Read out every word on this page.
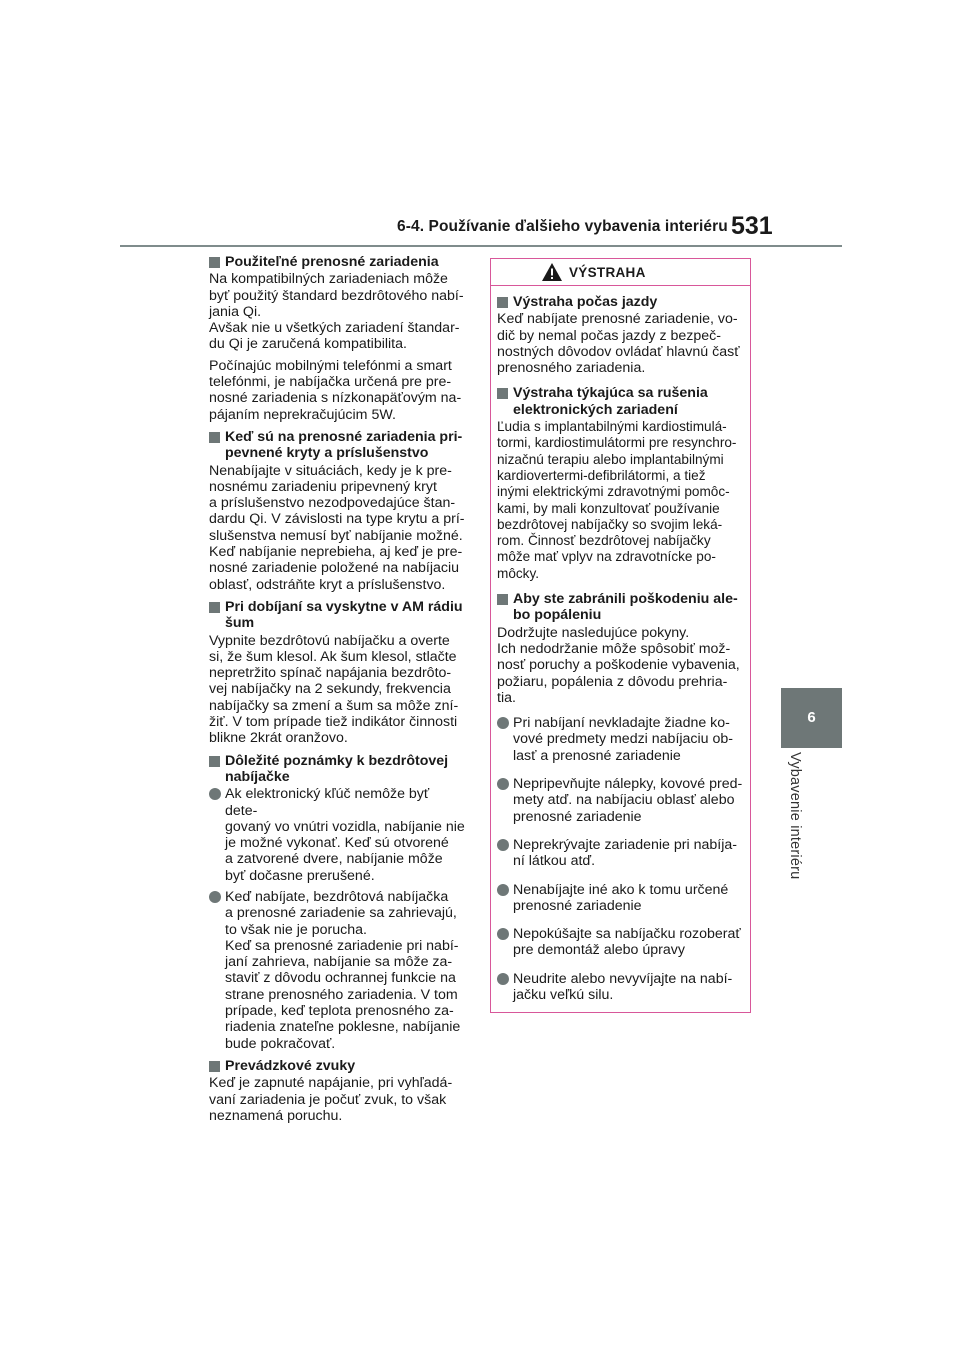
6-4. Používanie ďalšieho vybavenia interiéru 531
6
Vybavenie interiéru
Použiteľné prenosné zariadenia

Na kompatibilných zariadeniach môže
byť použitý štandard bezdrôtového nabí-
jania Qi.
Avšak nie u všetkých zariadení štandar-
du Qi je zaručená kompatibilita.

Počínajúc mobilnými telefónmi a smart
telefónmi, je nabíjačka určená pre pre-
nosné zariadenia s nízkonapäťovým na-
pájaním neprekračujúcim 5W.

Keď sú na prenosné zariadenia pri-
pevnené kryty a príslušenstvo

Nenabíjajte v situáciách, kedy je k pre-
nosnému zariadeniu pripevnený kryt
a príslušenstvo nezodpovedajúce štan-
dardu Qi. V závislosti na type krytu a prí-
slušenstva nemusí byť nabíjanie možné.
Keď nabíjanie neprebieha, aj keď je pre-
nosné zariadenie položené na nabíjaciu
oblasť, odstráňte kryt a príslušenstvo.

Pri dobíjaní sa vyskytne v AM rádiu
šum

Vypnite bezdrôtovú nabíjačku a overte
si, že šum klesol. Ak šum klesol, stlačte
nepretržito spínač napájania bezdrôto-
vej nabíjačky na 2 sekundy, frekvencia
nabíjačky sa zmení a šum sa môže zní-
žiť. V tom prípade tiež indikátor činnosti
blikne 2krát oranžovo.

Dôležité poznámky k bezdrôtovej
nabíjačke
Ak elektronický kľúč nemôže byť dete-
govaný vo vnútri vozidla, nabíjanie nie
je možné vykonať. Keď sú otvorené
a zatvorené dvere, nabíjanie môže
byť dočasne prerušené.
Keď nabíjate, bezdrôtová nabíjačka
a prenosné zariadenie sa zahrievajú,
to však nie je porucha.
Keď sa prenosné zariadenie pri nabí-
janí zahrieva, nabíjanie sa môže za-
staviť z dôvodu ochrannej funkcie na
strane prenosného zariadenia. V tom
prípade, keď teplota prenosného za-
riadenia znateľne poklesne, nabíjanie
bude pokračovať.
Prevádzkové zvuky

Keď je zapnuté napájanie, pri vyhľadá-
vaní zariadenia je počuť zvuk, to však
neznamená poruchu.

VÝSTRAHA
Výstraha počas jazdy

Keď nabíjate prenosné zariadenie, vo-
dič by nemal počas jazdy z bezpeč-
nostných dôvodov ovládať hlavnú časť
prenosného zariadenia.

Výstraha týkajúca sa rušenia
elektronických zariadení

Ľudia s implantabilnými kardiostimulá-
tormi, kardiostimulátormi pre resynchro-
nizačnú terapiu alebo implantabilnými
kardiovertermi-defibrilátormi, a tiež
inými elektrickými zdravotnými pomôc-
kami, by mali konzultovať používanie
bezdrôtovej nabíjačky so svojim leká-
rom. Činnosť bezdrôtovej nabíjačky
môže mať vplyv na zdravotnícke po-
môcky.

Aby ste zabránili poškodeniu ale-
bo popáleniu

Dodržujte nasledujúce pokyny.
Ich nedodržanie môže spôsobiť mož-
nosť poruchy a poškodenie vybavenia,
požiaru, popálenia z dôvodu prehria-
tia.

Pri nabíjaní nevkladajte žiadne ko-
vové predmety medzi nabíjaciu ob-
lasť a prenosné zariadenie
Nepripevňujte nálepky, kovové pred-
mety atď. na nabíjaciu oblasť alebo
prenosné zariadenie
Neprekrývajte zariadenie pri nabíja-
ní látkou atď.
Nenabíjajte iné ako k tomu určené
prenosné zariadenie
Nepokúšajte sa nabíjačku rozoberať
pre demontáž alebo úpravy
Neudrite alebo nevyvíjajte na nabí-
jačku veľkú silu.
